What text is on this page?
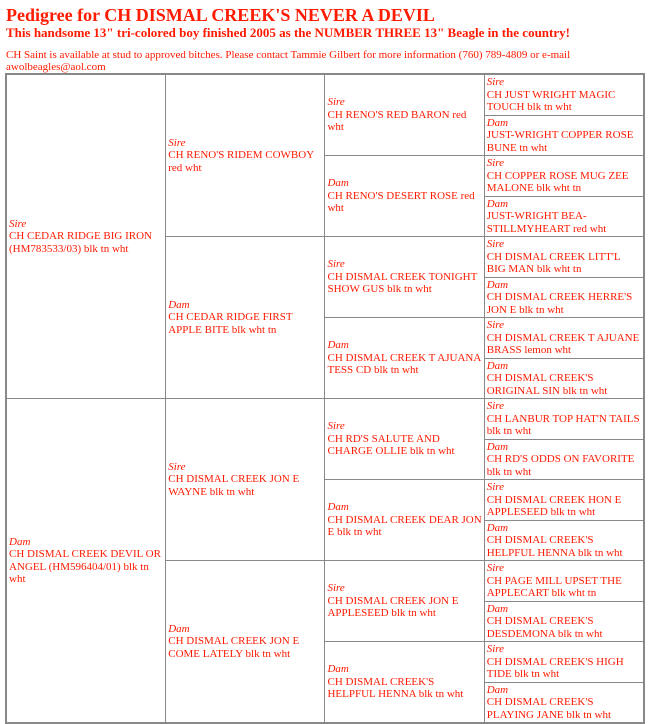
Pedigree for CH DISMAL CREEK'S NEVER A DEVIL
This handsome 13" tri-colored boy finished 2005 as the NUMBER THREE 13" Beagle in the country!
CH Saint is available at stud to approved bitches. Please contact Tammie Gilbert for more information (760) 789-4809 or e-mail awolbeagles@aol.com
Sire
CH CEDAR RIDGE BIG IRON (HM783533/03) blk tn wht	Sire
CH RENO'S RIDEM COWBOY red wht	Sire
CH RENO'S RED BARON red wht	Sire
CH JUST WRIGHT MAGIC TOUCH blk tn wht

			Dam
JUST-WRIGHT COPPER ROSE BUNE tn wht

		Dam
CH RENO'S DESERT ROSE red wht	Sire
CH COPPER ROSE MUG ZEE MALONE blk wht tn

			Dam
JUST-WRIGHT BEA-STILLMYHEART red wht

	Dam
CH CEDAR RIDGE FIRST APPLE BITE blk wht tn	Sire
CH DISMAL CREEK TONIGHT SHOW GUS blk tn wht	Sire
CH DISMAL CREEK LITT'L BIG MAN blk wht tn

			Dam
CH DISMAL CREEK HERRE'S JON E blk tn wht

		Dam
CH DISMAL CREEK T AJUANA TESS CD blk tn wht	Sire
CH DISMAL CREEK T AJUANE BRASS lemon wht

			Dam
CH DISMAL CREEK'S ORIGINAL SIN blk tn wht

Dam
CH DISMAL CREEK DEVIL OR ANGEL (HM596404/01) blk tn wht	Sire
CH DISMAL CREEK JON E WAYNE blk tn wht	Sire
CH RD'S SALUTE AND CHARGE OLLIE blk tn wht	Sire
CH LANBUR TOP HAT'N TAILS blk tn wht

			Dam
CH RD'S ODDS ON FAVORITE blk tn wht

		Dam
CH DISMAL CREEK DEAR JON E blk tn wht	Sire
CH DISMAL CREEK HON E APPLESEED blk tn wht

			Dam
CH DISMAL CREEK'S HELPFUL HENNA blk tn wht

	Dam
CH DISMAL CREEK JON E COME LATELY blk tn wht	Sire
CH DISMAL CREEK JON E APPLESEED blk tn wht	Sire
CH PAGE MILL UPSET THE APPLECART blk wht tn

			Dam
CH DISMAL CREEK'S DESDEMONA blk tn wht

		Dam
CH DISMAL CREEK'S HELPFUL HENNA blk tn wht	Sire
CH DISMAL CREEK'S HIGH TIDE blk tn wht

			Dam
CH DISMAL CREEK'S PLAYING JANE blk tn wht
